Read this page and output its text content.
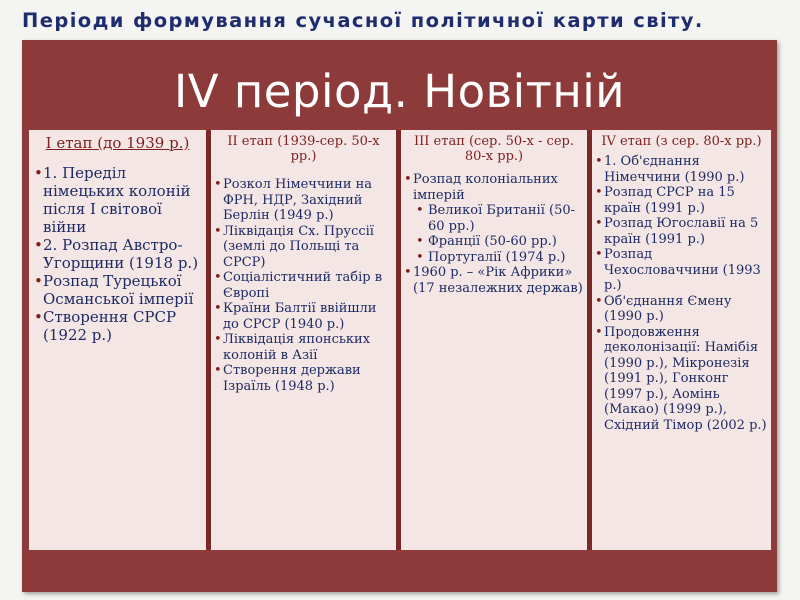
Періоди формування сучасної політичної карти світу.
IV період. Новітній
I етап (до 1939 р.)
• 1. Переділ німецьких колоній після І світової війни
• 2. Розпад Австро-Угорщини (1918 р.)
• Розпад Турецької Османської імперії
• Створення СРСР (1922 р.)
II етап (1939-сер. 50-х рр.)
• Розкол Німеччини на ФРН, НДР, Західний Берлін (1949 р.)
• Ліквідація Сх. Пруссії (землі до Польщі та СРСР)
• Соціалістичний табір в Європі
• Країни Балтії ввійшли до СРСР (1940 р.)
• Ліквідація японських колоній в Азії
• Створення держави Ізраїль (1948 р.)
III етап (сер. 50-х - сер. 80-х рр.)
• Розпад колоніальних імперій
• Великої Британії (50-60 рр.)
• Франції (50-60 рр.)
• Португалії (1974 р.)
• 1960 р. – «Рік Африки» (17 незалежних держав)
IV етап (з сер. 80-х рр.)
• 1. Об'єднання Німеччини (1990 р.)
• Розпад СРСР на 15 країн (1991 р.)
• Розпад Югославії на 5 країн (1991 р.)
• Розпад Чехословаччини (1993 р.)
• Об'єднання Ємену (1990 р.)
• Продовження деколонізації: Намібія (1990 р.), Мікронезія (1991 р.), Гонконг (1997 р.), Аомінь (Макао) (1999 р.), Східний Тімор (2002 р.)
